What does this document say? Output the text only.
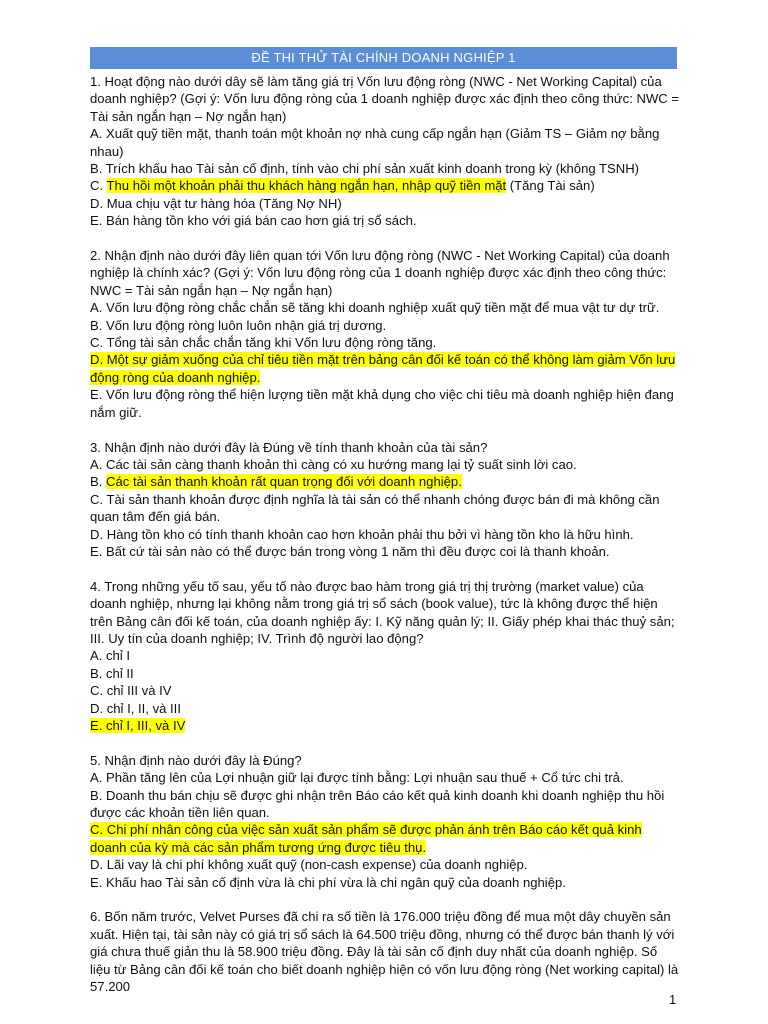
ĐỀ THI THỬ TÀI CHÍNH DOANH NGHIỆP 1

1. Hoạt động nào dưới dây sẽ làm tăng giá trị Vốn lưu động ròng (NWC - Net Working Capital) của doanh nghiệp? (Gợi ý: Vốn lưu động ròng của 1 doanh nghiệp được xác định theo công thức: NWC = Tài sản ngắn hạn – Nợ ngắn hạn)

A. Xuất quỹ tiền mặt, thanh toán một khoản nợ nhà cung cấp ngắn hạn (Giảm TS – Giảm nợ bằng nhau)

B. Trích khấu hao Tài sản cố định, tính vào chi phí sản xuất kinh doanh trong kỳ (không TSNH)

C. Thu hồi một khoản phải thu khách hàng ngắn hạn, nhập quỹ tiền mặt (Tăng Tài sản)

D. Mua chịu vật tư hàng hóa (Tăng Nợ NH)

E. Bán hàng tồn kho với giá bán cao hơn giá trị sổ sách.

2. Nhận định nào dưới đây liên quan tới Vốn lưu động ròng (NWC - Net Working Capital) của doanh nghiệp là chính xác? (Gợi ý: Vốn lưu động ròng của 1 doanh nghiệp được xác định theo công thức: NWC = Tài sản ngắn hạn – Nợ ngắn hạn)

A. Vốn lưu động ròng chắc chắn sẽ tăng khi doanh nghiệp xuất quỹ tiền mặt để mua vật tư dự trữ.

B. Vốn lưu động ròng luôn luôn nhận giá trị dương.

C. Tổng tài sản chắc chắn tăng khi Vốn lưu động ròng tăng.

D. Một sự giảm xuống của chỉ tiêu tiền mặt trên bảng cân đối kế toán có thể không làm giảm Vốn lưu động ròng của doanh nghiệp.

E. Vốn lưu động ròng thể hiện lượng tiền mặt khả dụng cho việc chi tiêu mà doanh nghiệp hiện đang nắm giữ.

3. Nhận định nào dưới đây là Đúng về tính thanh khoản của tài sản?

A. Các tài sản càng thanh khoản thì càng có xu hướng mang lại tỷ suất sinh lời cao.

B. Các tài sản thanh khoản rất quan trọng đối với doanh nghiệp.

C. Tài sản thanh khoản được định nghĩa là tài sản có thể nhanh chóng được bán đi mà không cần quan tâm đến giá bán.

D. Hàng tồn kho có tính thanh khoản cao hơn khoản phải thu bởi vì hàng tồn kho là hữu hình.

E. Bất cứ tài sản nào có thể được bán trong vòng 1 năm thì đều được coi là thanh khoản.

4. Trong những yếu tố sau, yếu tố nào được bao hàm trong giá trị thị trường (market value) của doanh nghiệp, nhưng lại không nằm trong giá trị sổ sách (book value), tức là không được thể hiện trên Bảng cân đối kế toán, của doanh nghiệp ấy: I. Kỹ năng quản lý; II. Giấy phép khai thác thuỷ sản; III. Uy tín của doanh nghiệp; IV. Trình độ người lao động?

A. chỉ I

B. chỉ II

C. chỉ III và IV

D. chỉ I, II, và III

E. chỉ I, III, và IV

5. Nhận định nào dưới đây là Đúng?

A. Phần tăng lên của Lợi nhuận giữ lại được tính bằng: Lợi nhuận sau thuế + Cổ tức chi trả.

B. Doanh thu bán chịu sẽ được ghi nhận trên Báo cáo kết quả kinh doanh khi doanh nghiệp thu hồi được các khoản tiền liên quan.

C. Chi phí nhân công của việc sản xuất sản phẩm sẽ được phản ánh trên Báo cáo kết quả kinh doanh của kỳ mà các sản phẩm tương ứng được tiêu thụ.

D. Lãi vay là chi phí không xuất quỹ (non-cash expense) của doanh nghiệp.

E. Khấu hao Tài sản cố định vừa là chi phí vừa là chi ngân quỹ của doanh nghiệp.

6. Bốn năm trước, Velvet Purses đã chi ra số tiền là 176.000 triệu đồng để mua một dây chuyền sản xuất. Hiện tại, tài sản này có giá trị sổ sách là 64.500 triệu đồng, nhưng có thể được bán thanh lý với giá chưa thuế giản thu là 58.900 triệu đồng. Đây là tài sản cố định duy nhất của doanh nghiệp. Số liệu từ Bảng cân đối kế toán cho biết doanh nghiệp hiện có vốn lưu động ròng (Net working capital) là 57.200

1
